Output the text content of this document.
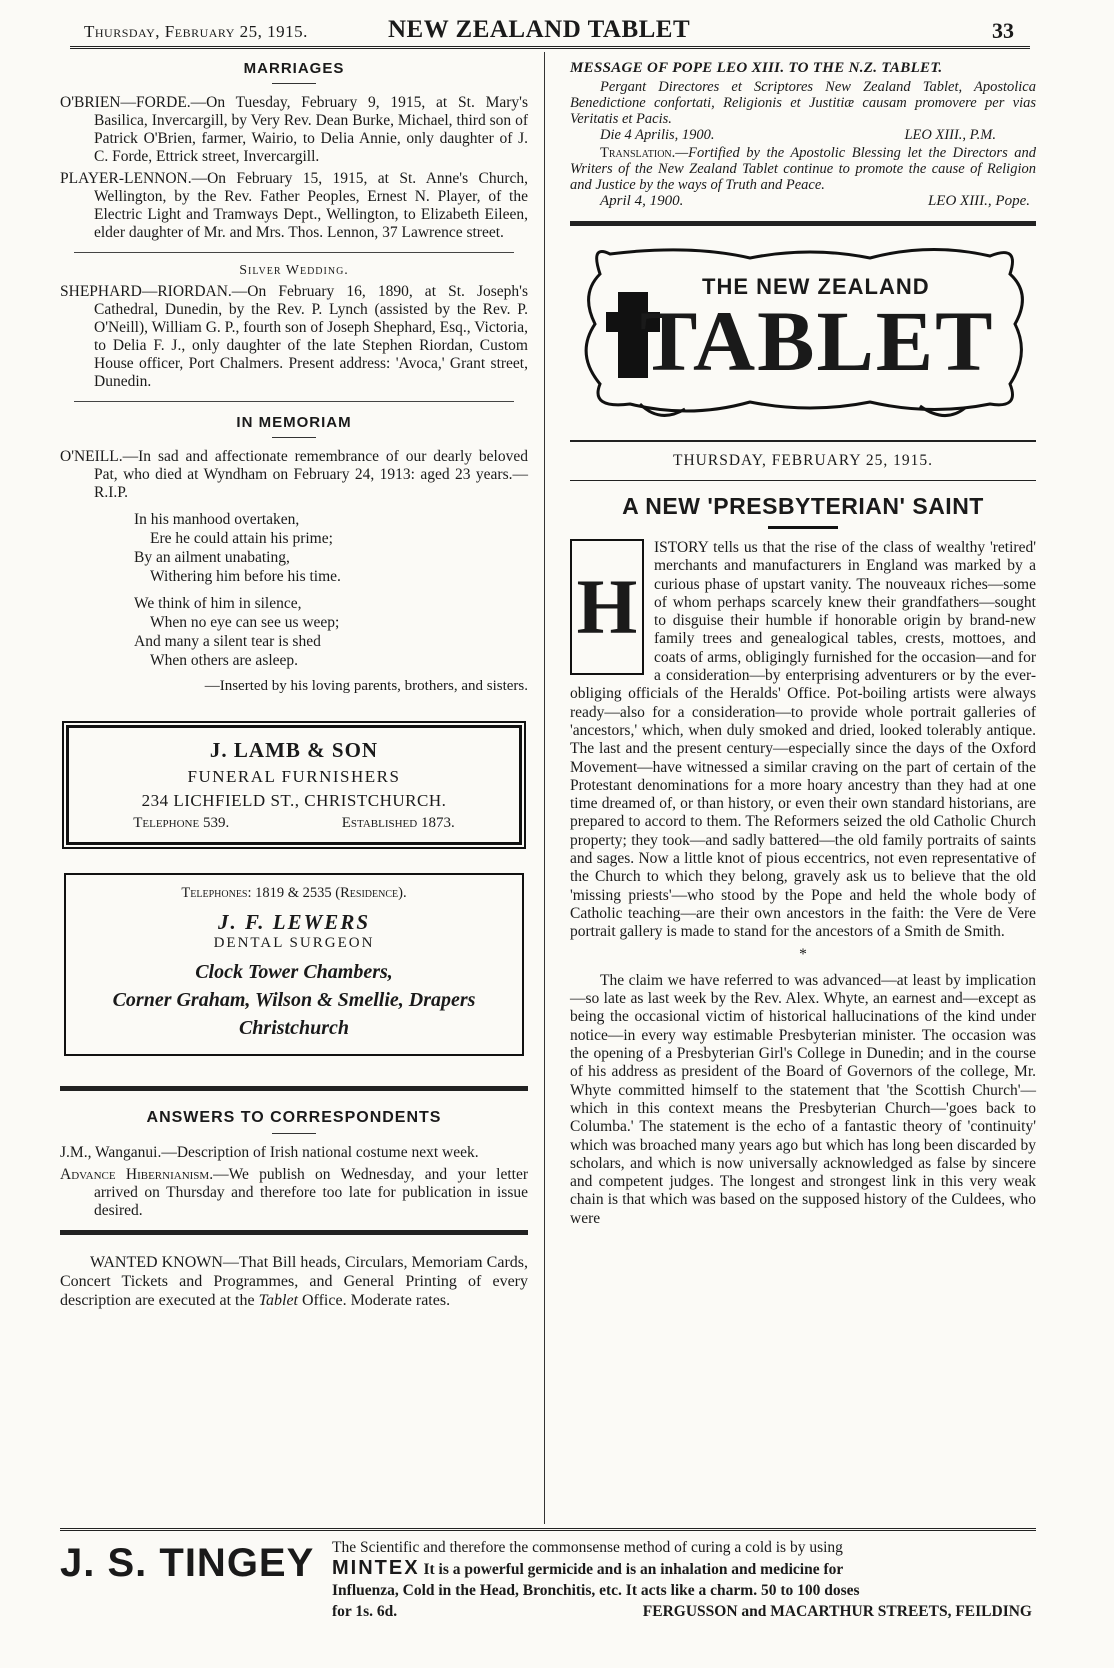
Thursday, February 25, 1915.	NEW ZEALAND TABLET	33
MARRIAGES

O'BRIEN—FORDE.—On Tuesday, February 9, 1915, at St. Mary's Basilica, Invercargill, by Very Rev. Dean Burke, Michael, third son of Patrick O'Brien, farmer, Wairio, to Delia Annie, only daughter of J. C. Forde, Ettrick street, Invercargill.

PLAYER-LENNON.—On February 15, 1915, at St. Anne's Church, Wellington, by the Rev. Father Peoples, Ernest N. Player, of the Electric Light and Tramways Dept., Wellington, to Elizabeth Eileen, elder daughter of Mr. and Mrs. Thos. Lennon, 37 Lawrence street.

Silver Wedding.

SHEPHARD—RIORDAN.—On February 16, 1890, at St. Joseph's Cathedral, Dunedin, by the Rev. P. Lynch (assisted by the Rev. P. O'Neill), William G. P., fourth son of Joseph Shephard, Esq., Victoria, to Delia F. J., only daughter of the late Stephen Riordan, Custom House officer, Port Chalmers. Present address: 'Avoca,' Grant street, Dunedin.

IN MEMORIAM

O'NEILL.—In sad and affectionate remembrance of our dearly beloved Pat, who died at Wyndham on February 24, 1913: aged 23 years.—R.I.P.

In his manhood overtaken,
Ere he could attain his prime;
By an ailment unabating,
Withering him before his time.
We think of him in silence,
When no eye can see us weep;
And many a silent tear is shed
When others are asleep.
—Inserted by his loving parents, brothers, and sisters.
J. LAMB & SON
FUNERAL FURNISHERS
234 LICHFIELD ST., CHRISTCHURCH.
Telephone 539.	Established 1873.
Telephones: 1819 & 2535 (Residence).
J. F. LEWERS
DENTAL SURGEON
Clock Tower Chambers,
Corner Graham, Wilson & Smellie, Drapers
Christchurch
ANSWERS TO CORRESPONDENTS

J.M., Wanganui.—Description of Irish national costume next week.

Advance Hibernianism.—We publish on Wednesday, and your letter arrived on Thursday and therefore too late for publication in issue desired.

WANTED KNOWN—That Bill heads, Circulars, Memoriam Cards, Concert Tickets and Programmes, and General Printing of every description are executed at the Tablet Office. Moderate rates.

MESSAGE OF POPE LEO XIII. TO THE N.Z. TABLET.

Pergant Directores et Scriptores New Zealand Tablet, Apostolica Benedictione confortati, Religionis et Justitiæ causam promovere per vias Veritatis et Pacis.

Die 4 Aprilis, 1900.	LEO XIII., P.M.

Translation.—Fortified by the Apostolic Blessing let the Directors and Writers of the New Zealand Tablet continue to promote the cause of Religion and Justice by the ways of Truth and Peace.

April 4, 1900.	LEO XIII., Pope.
THE NEW ZEALAND
TABLET
THURSDAY, FEBRUARY 25, 1915.
A NEW 'PRESBYTERIAN' SAINT
H

ISTORY tells us that the rise of the class of wealthy 'retired' merchants and manufacturers in England was marked by a curious phase of upstart vanity. The nouveaux riches—some of whom perhaps scarcely knew their grandfathers—sought to disguise their humble if honorable origin by brand-new family trees and genealogical tables, crests, mottoes, and coats of arms, obligingly furnished for the occasion—and for a consideration—by enterprising adventurers or by the ever-obliging officials of the Heralds' Office. Pot-boiling artists were always ready—also for a consideration—to provide whole portrait galleries of 'ancestors,' which, when duly smoked and dried, looked tolerably antique. The last and the present century—especially since the days of the Oxford Movement—have witnessed a similar craving on the part of certain of the Protestant denominations for a more hoary ancestry than they had at one time dreamed of, or than history, or even their own standard historians, are prepared to accord to them. The Reformers seized the old Catholic Church property; they took—and sadly battered—the old family portraits of saints and sages. Now a little knot of pious eccentrics, not even representative of the Church to which they belong, gravely ask us to believe that the old 'missing priests'—who stood by the Pope and held the whole body of Catholic teaching—are their own ancestors in the faith: the Vere de Vere portrait gallery is made to stand for the ancestors of a Smith de Smith.

*

The claim we have referred to was advanced—at least by implication—so late as last week by the Rev. Alex. Whyte, an earnest and—except as being the occasional victim of historical hallucinations of the kind under notice—in every way estimable Presbyterian minister. The occasion was the opening of a Presbyterian Girl's College in Dunedin; and in the course of his address as president of the Board of Governors of the college, Mr. Whyte committed himself to the statement that 'the Scottish Church'—which in this context means the Presbyterian Church—'goes back to Columba.' The statement is the echo of a fantastic theory of 'continuity' which was broached many years ago but which has long been discarded by scholars, and which is now universally acknowledged as false by sincere and competent judges. The longest and strongest link in this very weak chain is that which was based on the supposed history of the Culdees, who were

J. S. TINGEY The Scientific and therefore the commonsense method of curing a cold is by using
MINTEX It is a powerful germicide and is an inhalation and medicine for
Influenza, Cold in the Head, Bronchitis, etc. It acts like a charm. 50 to 100 doses
for 1s. 6d.	FERGUSSON and MACARTHUR STREETS, FEILDING
